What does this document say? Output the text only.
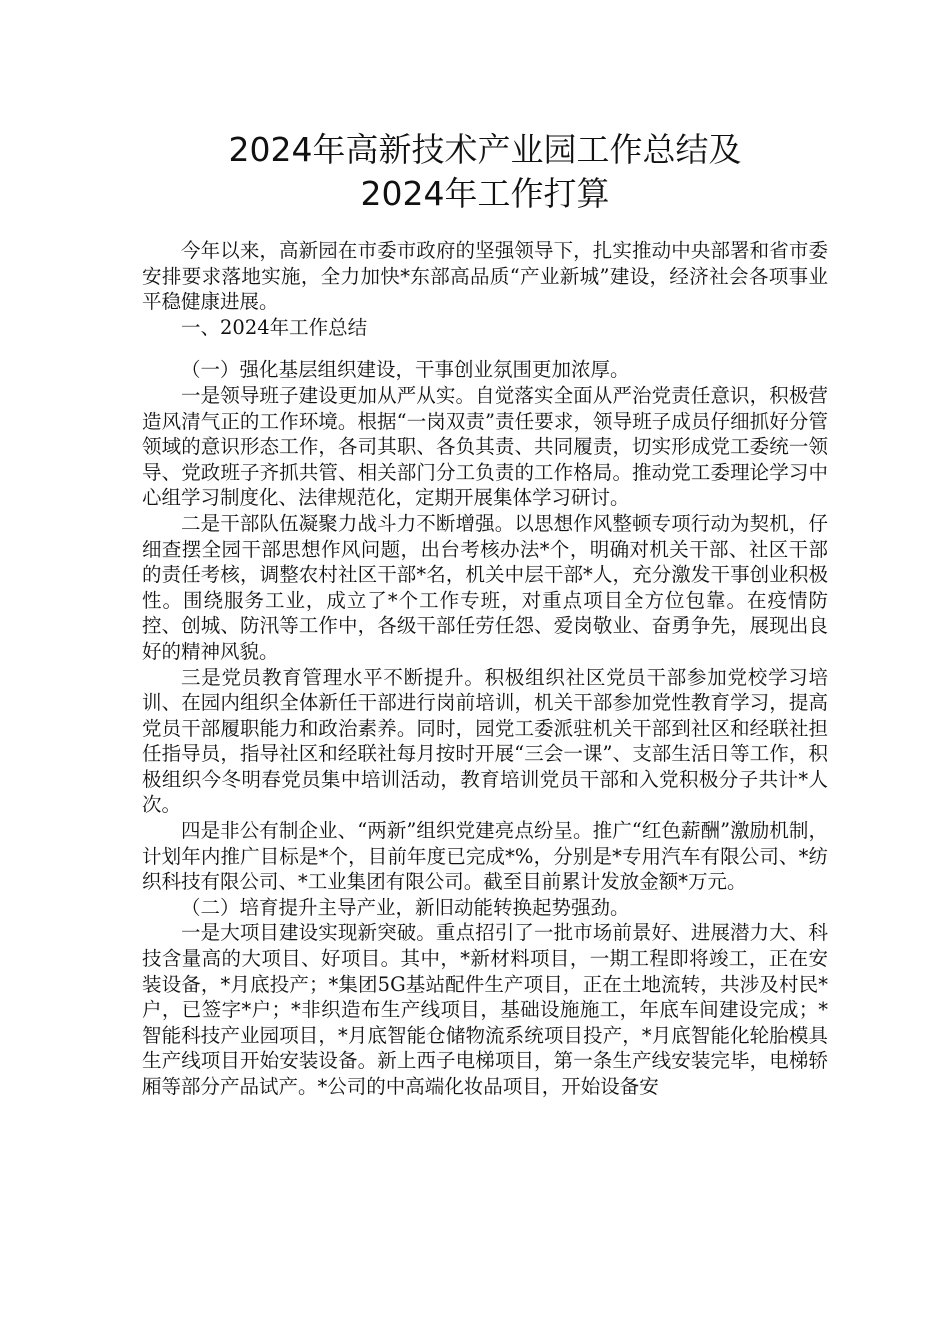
2024年高新技术产业园工作总结及
2024年工作打算

今年以来，高新园在市委市政府的坚强领导下，扎实推动中央部署和省市委安排要求落地实施，全力加快*东部高品质“产业新城”建设，经济社会各项事业平稳健康进展。

一、2024年工作总结

（一）强化基层组织建设，干事创业氛围更加浓厚。

一是领导班子建设更加从严从实。自觉落实全面从严治党责任意识，积极营造风清气正的工作环境。根据“一岗双责”责任要求，领导班子成员仔细抓好分管领域的意识形态工作，各司其职、各负其责、共同履责，切实形成党工委统一领导、党政班子齐抓共管、相关部门分工负责的工作格局。推动党工委理论学习中心组学习制度化、法律规范化，定期开展集体学习研讨。

二是干部队伍凝聚力战斗力不断增强。以思想作风整顿专项行动为契机，仔细查摆全园干部思想作风问题，出台考核办法*个，明确对机关干部、社区干部的责任考核，调整农村社区干部*名，机关中层干部*人，充分激发干事创业积极性。围绕服务工业，成立了*个工作专班，对重点项目全方位包靠。在疫情防控、创城、防汛等工作中，各级干部任劳任怨、爱岗敬业、奋勇争先，展现出良好的精神风貌。

三是党员教育管理水平不断提升。积极组织社区党员干部参加党校学习培训、在园内组织全体新任干部进行岗前培训，机关干部参加党性教育学习，提高党员干部履职能力和政治素养。同时，园党工委派驻机关干部到社区和经联社担任指导员，指导社区和经联社每月按时开展“三会一课”、支部生活日等工作，积极组织今冬明春党员集中培训活动，教育培训党员干部和入党积极分子共计*人次。

四是非公有制企业、“两新”组织党建亮点纷呈。推广“红色薪酬”激励机制，计划年内推广目标是*个，目前年度已完成*%，分别是*专用汽车有限公司、*纺织科技有限公司、*工业集团有限公司。截至目前累计发放金额*万元。

（二）培育提升主导产业，新旧动能转换起势强劲。

一是大项目建设实现新突破。重点招引了一批市场前景好、进展潜力大、科技含量高的大项目、好项目。其中，*新材料项目，一期工程即将竣工，正在安装设备，*月底投产；*集团5G基站配件生产项目，正在土地流转，共涉及村民*户，已签字*户；*非织造布生产线项目，基础设施施工，年底车间建设完成；*智能科技产业园项目，*月底智能仓储物流系统项目投产，*月底智能化轮胎模具生产线项目开始安装设备。新上西子电梯项目，第一条生产线安装完毕，电梯轿厢等部分产品试产。*公司的中高端化妆品项目，开始设备安
